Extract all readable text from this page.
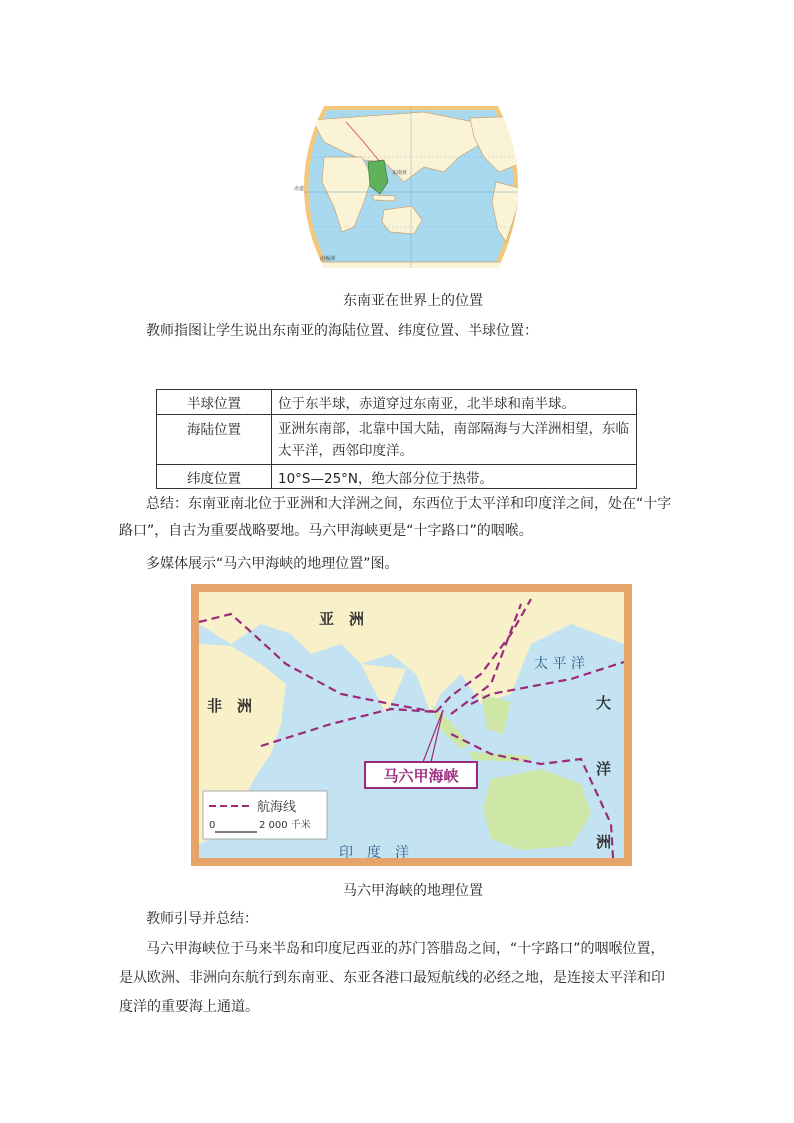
东南亚
赤道
南极洲
东南亚在世界上的位置
教师指图让学生说出东南亚的海陆位置、纬度位置、半球位置：
半球位置	位于东半球，赤道穿过东南亚，北半球和南半球。
海陆位置	亚洲东南部，北靠中国大陆，南部隔海与大洋洲相望，东临太平洋，西邻印度洋。
纬度位置	10°S—25°N，绝大部分位于热带。
总结：东南亚南北位于亚洲和大洋洲之间，东西位于太平洋和印度洋之间，处在“十字路口”，自古为重要战略要地。马六甲海峡更是“十字路口”的咽喉。
多媒体展示“马六甲海峡的地理位置”图。
亚　洲
非　洲
太 平 洋
印　度　洋
大
洋
洲
马六甲海峡
航海线
0	2 000 千米
马六甲海峡的地理位置
教师引导并总结：
马六甲海峡位于马来半岛和印度尼西亚的苏门答腊岛之间，“十字路口”的咽喉位置，是从欧洲、非洲向东航行到东南亚、东亚各港口最短航线的必经之地，是连接太平洋和印度洋的重要海上通道。
